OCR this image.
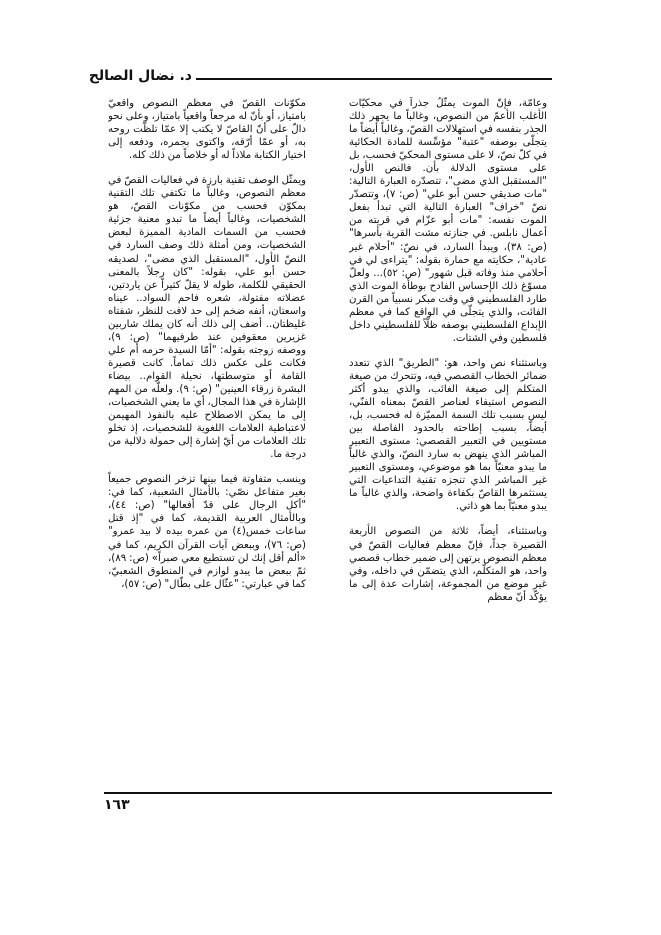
د. نضال الصالح

وعامّة، فإنّ الموت يمثّلُ جذراً في محكيّات الأغلب الأعمّ من النصوص، وغالباً ما يجهر ذلك الجذر بنفسه في استهلالات القصّ، وغالباً أيضاً ما يتجلّى بوصفه "عتبة" مؤسِّسة للمادة الحكائية في كلّ نصّ، لا على مستوى المحكيّ فحسب، بل على مستوى الدلالة بأن. فالنص الأول، "المستقبل الذي مضى"، تتصدّره العبارة التالية: "مات صديقي حسن أبو علي" (ص: ٧)، وتتصدّر نصّ "خراف" العبارة التالية التي تبدأ بفعل الموت نفسه: "مات أبو عزّام في قريته من أعمال نابلس. في جنازته مشت القرية بأسرها" (ص: ٣٨)، ويبدأ السارد، في نصّ: "أحلام غير عادية"، حكايته مع حمارة بقوله: "يتراءى لي في أحلامي منذ وفاته قبل شهور" (ص: ٥٢)... ولعلّ مسوّغ ذلك الإحساس الفادح بوطأة الموت الذي طارد الفلسطيني في وقت مبكر نسبياً من القرن الفائت، والذي يتجلّى في الواقع كما في معظم الإبداع الفلسطيني بوصفه ظلّاً للفلسطيني داخل فلسطين وفي الشتات.

وباستثناء نص واحد، هو: "الطريق" الذي تتعدد ضمائر الخطاب القصصي فيه، وتتحرك من صيغة المتكلم إلى صيغة الغائب، والذي يبدو أكثر النصوص استيفاء لعناصر القصّ بمعناه الفنّي، ليس بسبب تلك السمة المميّزة له فحسب، بل، أيضاً، بسبب إطاحته بالحدود الفاصلة بين مستويين في التعبير القصصي: مستوى التعبير المباشر الذي ينهض به سارد النصّ، والذي غالباً ما يبدو معنيّاً بما هو موضوعي، ومستوى التعبير غير المباشر الذي تنجزه تقنية التداعيات التي يستثمرها القاصّ بكفاءة واضحة، والذي غالباً ما يبدو معنيّاً بما هو ذاتي.

وباستثناء، أيضاً، ثلاثة من النصوص الأربعة القصيرة جداً، فإنّ معظم فعاليات القصّ في معظم النصوص يرتهن إلى ضمير خطاب قصصي واحد، هو المتكلّم، الذي يتضمّن في داخله، وفي غير موضع من المجموعة، إشارات عدة إلى ما يؤكّد أنّ معظم

مكوّنات القصّ في معظم النصوص واقعيّ بامتياز، أو بأنّ له مرجعاً واقعياً بامتياز، وعلى نحو دالّ على أنّ القاصّ لا يكتب إلا عمّا تلظّت روحه به، أو عمّا أرّقه، واكتوى بجمره، ودفعه إلى اختيار الكتابة ملاذاً له أو خلاصاً من ذلك كله.

ويمثّل الوصف تقنية بارزة في فعاليات القصّ في معظم النصوص، وغالباً ما تكتفي تلك التقنية بمكوّن فحسب من مكوّنات القصّ، هو الشخصيات، وغالباً أيضاً ما تبدو معنية جزئية فحسب من السمات المادية المميزة لبعض الشخصيات، ومن أمثلة ذلك وصف السارد في النصّ الأول، "المستقبل الذي مضى"، لصديقه حسن أبو علي، بقوله: "كان رجلاً بالمعنى الحقيقي للكلمة، طوله لا يقلّ كثيراً عن ياردتين، عضلاته مفتولة، شعره فاحم السواد.. عيناه واسعتان، أنفه ضخم إلى حد لافت للنظر، شفتاه غليظتان.. أضف إلى ذلك أنه كان يملك شاربين غزيرين معقوفين عند طرفيهما" (ص: ٩)، ووصفه زوجته بقوله: "أمّا السيدة حرمه أم علي فكانت على عكس ذلك تماماً. كانت قصيرة القامة أو متوسطتها، نحيلة القوام.. بيضاء البشرة زرقاء العينين" (ص: ٩). ولعلّه من المهم الإشارة في هذا المجال، أي ما يعني الشخصيات، إلى ما يمكن الاصطلاح عليه بالنفوذ المهيمن لاعتباطية العلامات اللغوية للشخصيات، إذ تخلو تلك العلامات من أيّ إشارة إلى حمولة دلالية من درجة ما.

وينسب متفاوتة فيما بينها تزخر النصوص جميعاً بغير متفاعل نصّي: بالأمثال الشعبية، كما في: "أكل الرجال على قدّ أفعالها" (ص: ٤٤)، وبالأمثال العربية القديمة، كما في "إذ قتل ساعات خمس(٤) من عمره بيده لا بيد عمرو" (ص: ٧٦)، وببعض آيات القرآن الكريم، كما في «ألم أقل إنك لن تستطيع معي صبراً» (ص: ٨٩)، ثمّ ببعض ما يبدو لوازم في المنطوق الشعبيّ، كما في عبارتي: "عثّال على بطّال" (ص: ٥٧)،

١٦٣
